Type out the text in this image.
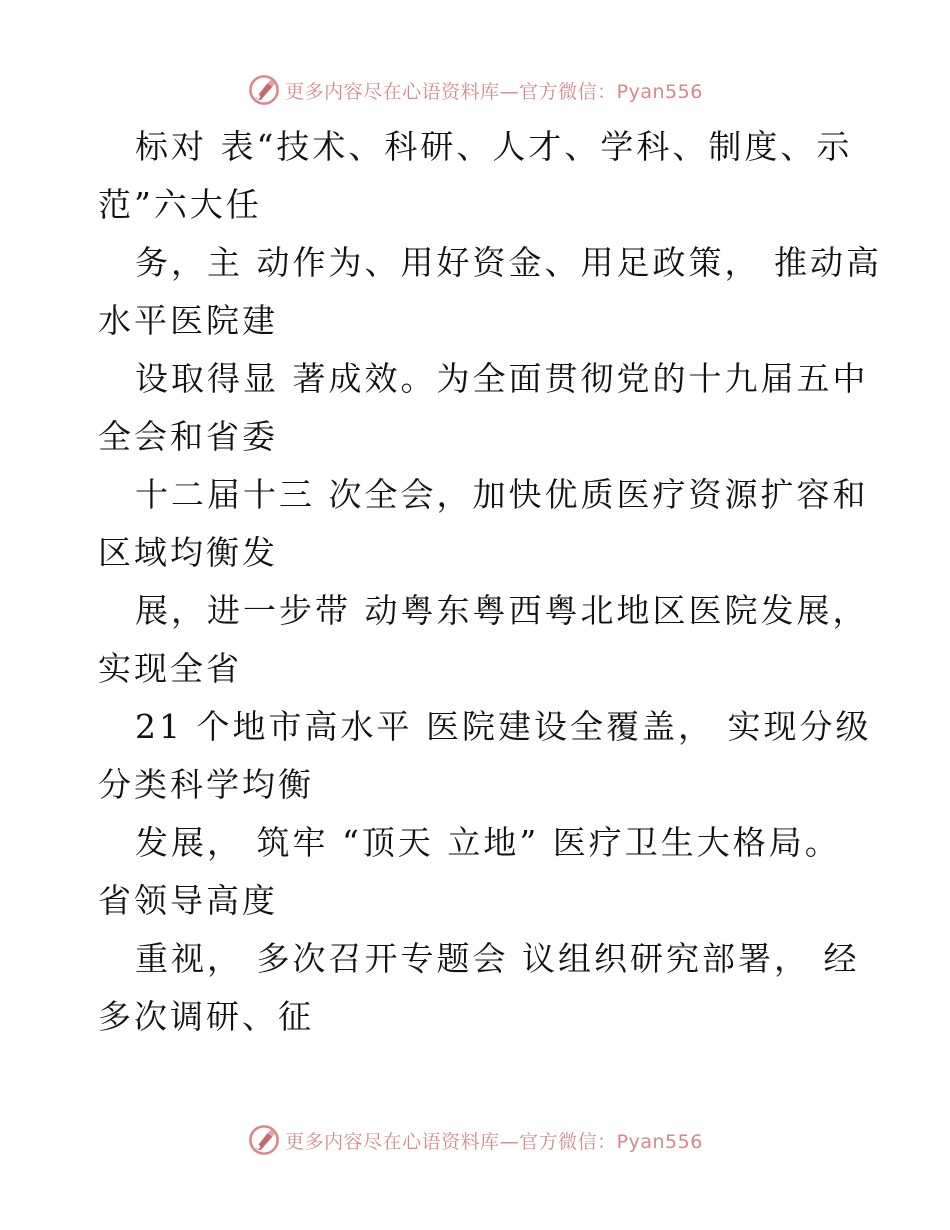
更多内容尽在心语资料库—官方微信：Pyan556
标对 表“技术、科研、人才、学科、制度、示
范”六大任
务，主 动作为、用好资金、用足政策， 推动高
水平医院建
设取得显 著成效。为全面贯彻党的十九届五中
全会和省委
十二届十三 次全会，加快优质医疗资源扩容和
区域均衡发
展，进一步带 动粤东粤西粤北地区医院发展，
实现全省
21 个地市高水平 医院建设全覆盖， 实现分级
分类科学均衡
发展， 筑牢 “顶天 立地” 医疗卫生大格局。
省领导高度
重视， 多次召开专题会 议组织研究部署， 经
多次调研、征
更多内容尽在心语资料库—官方微信：Pyan556
